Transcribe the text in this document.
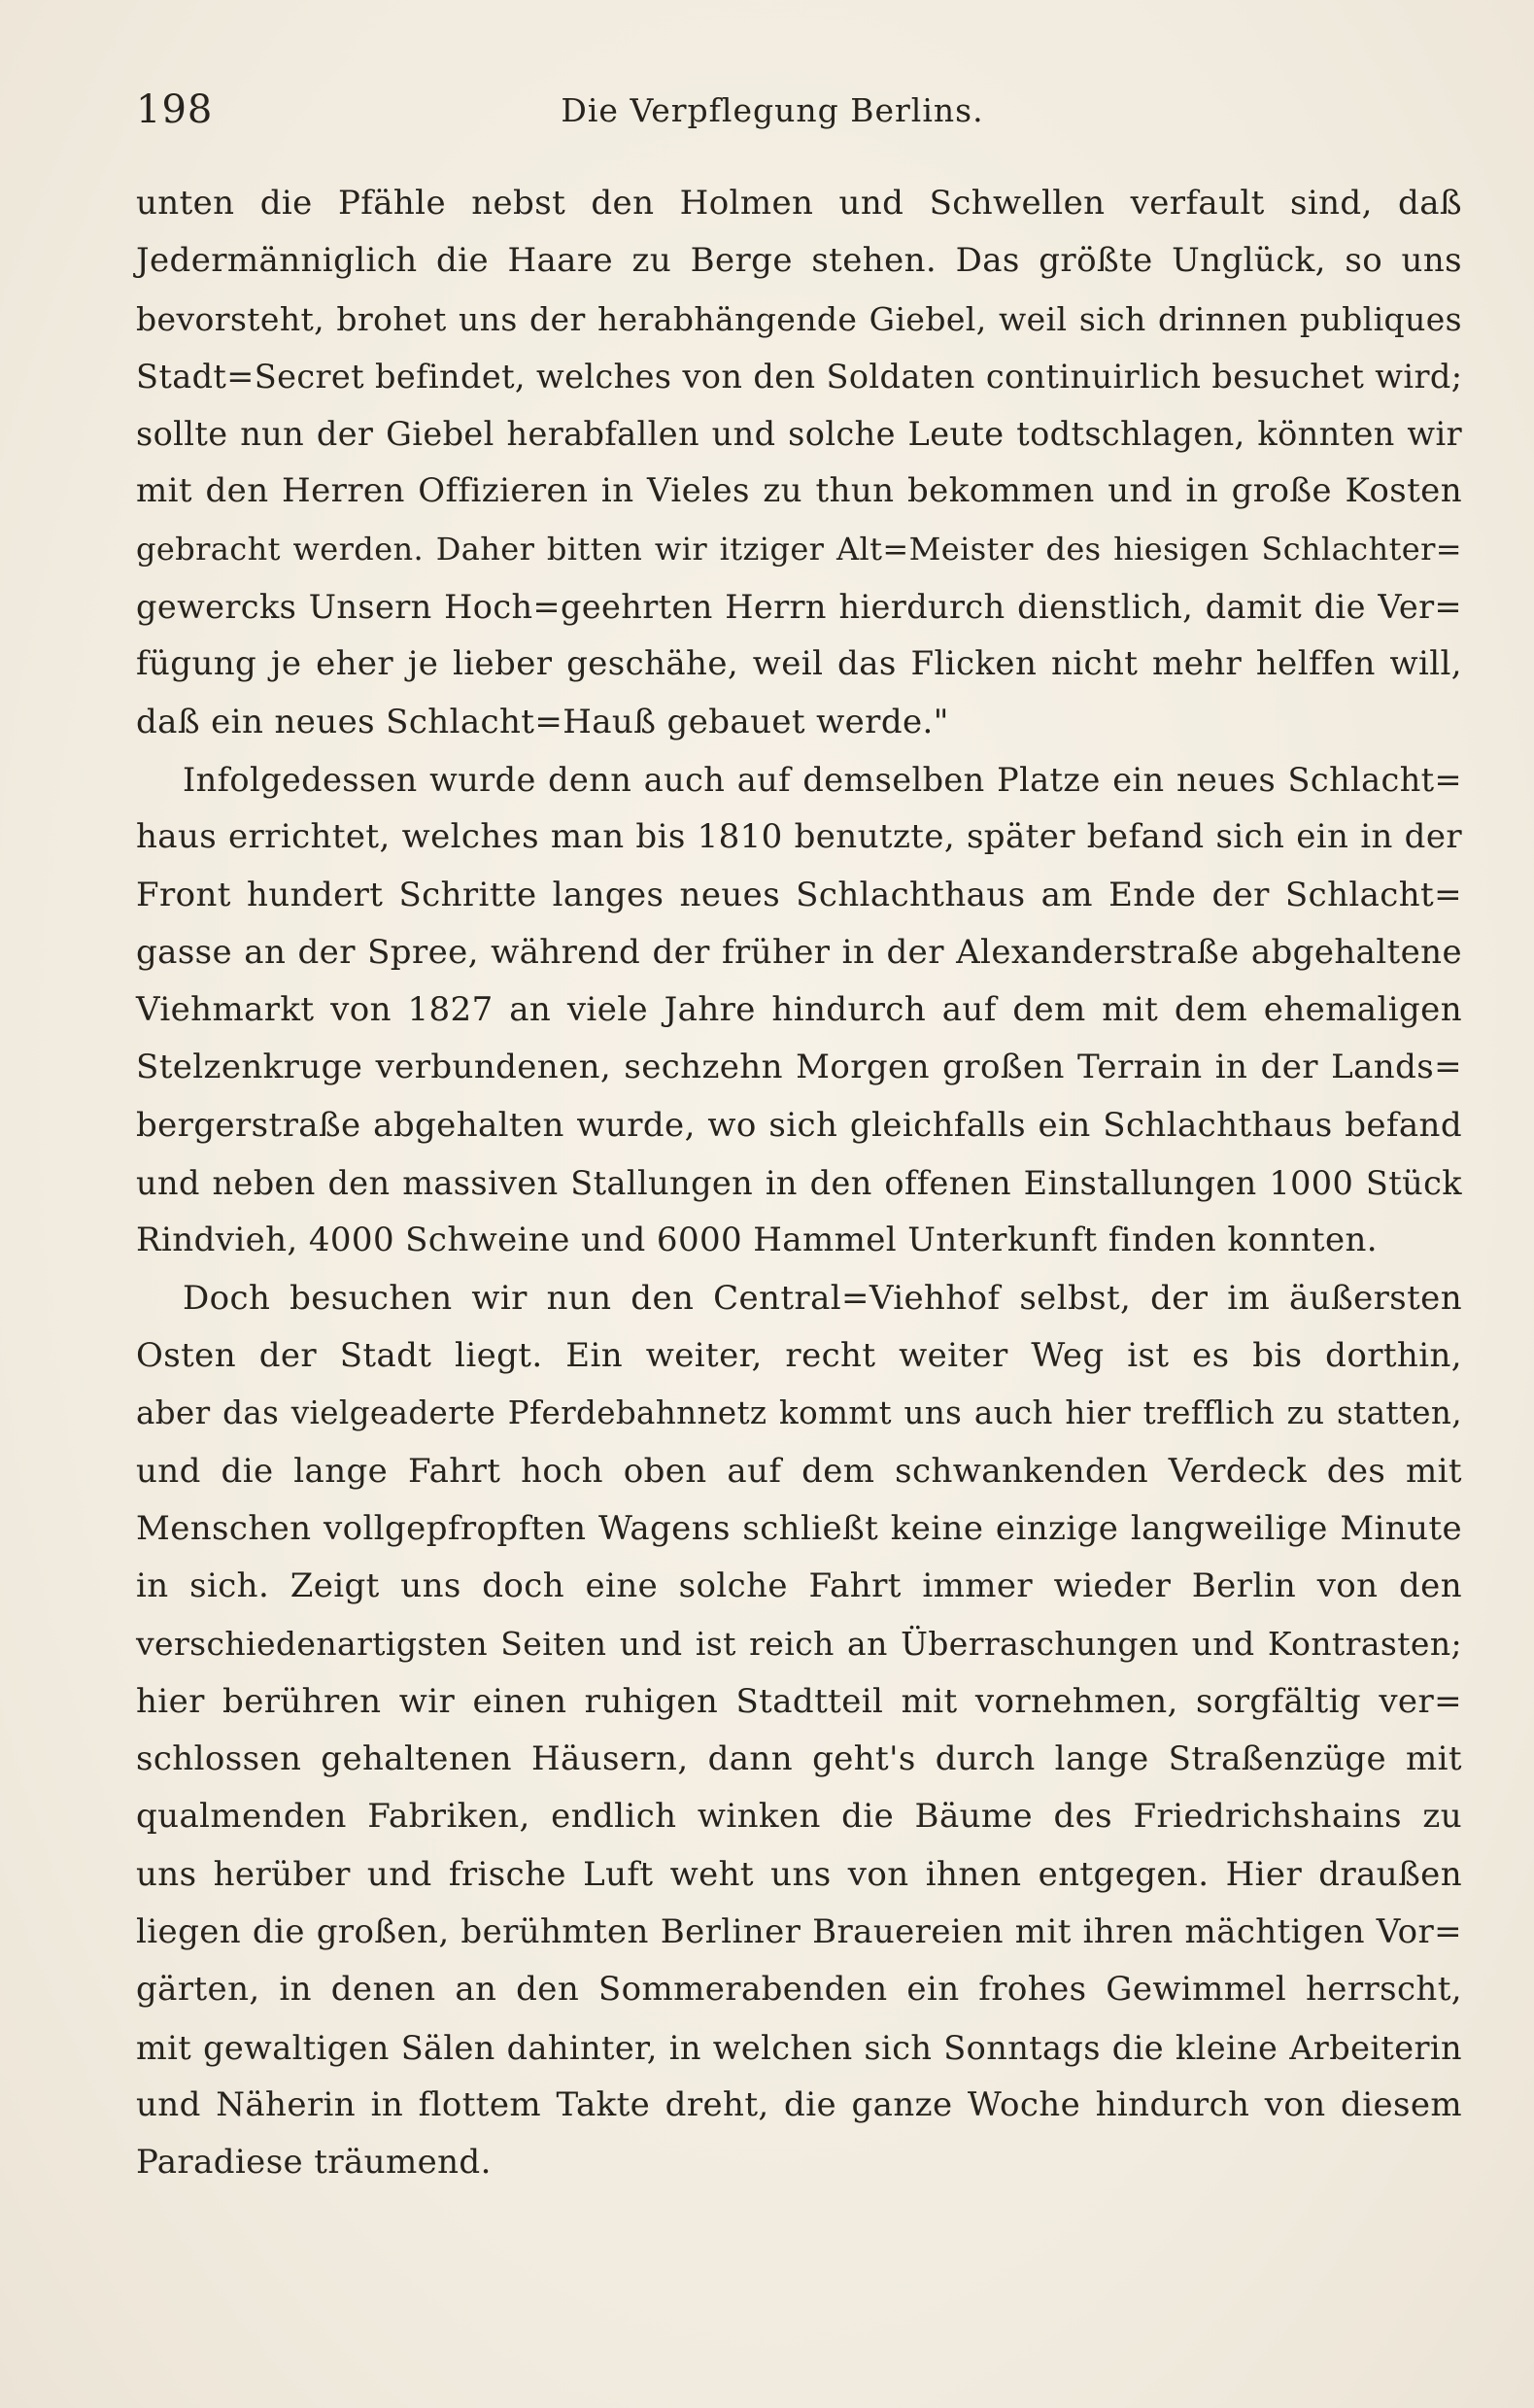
198	Die Verpflegung Berlins.
unten die Pfähle nebst den Holmen und Schwellen verfault sind, daß
Jedermänniglich die Haare zu Berge stehen. Das größte Unglück, so uns
bevorsteht, brohet uns der herabhängende Giebel, weil sich drinnen publiques
Stadt=Secret befindet, welches von den Soldaten continuirlich besuchet wird;
sollte nun der Giebel herabfallen und solche Leute todtschlagen, könnten wir
mit den Herren Offizieren in Vieles zu thun bekommen und in große Kosten
gebracht werden. Daher bitten wir itziger Alt=Meister des hiesigen Schlachter=
gewercks Unsern Hoch=geehrten Herrn hierdurch dienstlich, damit die Ver=
fügung je eher je lieber geschähe, weil das Flicken nicht mehr helffen will,
daß ein neues Schlacht=Hauß gebauet werde."
Infolgedessen wurde denn auch auf demselben Platze ein neues Schlacht=
haus errichtet, welches man bis 1810 benutzte, später befand sich ein in der
Front hundert Schritte langes neues Schlachthaus am Ende der Schlacht=
gasse an der Spree, während der früher in der Alexanderstraße abgehaltene
Viehmarkt von 1827 an viele Jahre hindurch auf dem mit dem ehemaligen
Stelzenkruge verbundenen, sechzehn Morgen großen Terrain in der Lands=
bergerstraße abgehalten wurde, wo sich gleichfalls ein Schlachthaus befand
und neben den massiven Stallungen in den offenen Einstallungen 1000 Stück
Rindvieh, 4000 Schweine und 6000 Hammel Unterkunft finden konnten.
Doch besuchen wir nun den Central=Viehhof selbst, der im äußersten
Osten der Stadt liegt. Ein weiter, recht weiter Weg ist es bis dorthin,
aber das vielgeaderte Pferdebahnnetz kommt uns auch hier trefflich zu statten,
und die lange Fahrt hoch oben auf dem schwankenden Verdeck des mit
Menschen vollgepfropften Wagens schließt keine einzige langweilige Minute
in sich. Zeigt uns doch eine solche Fahrt immer wieder Berlin von den
verschiedenartigsten Seiten und ist reich an Überraschungen und Kontrasten;
hier berühren wir einen ruhigen Stadtteil mit vornehmen, sorgfältig ver=
schlossen gehaltenen Häusern, dann geht's durch lange Straßenzüge mit
qualmenden Fabriken, endlich winken die Bäume des Friedrichshains zu
uns herüber und frische Luft weht uns von ihnen entgegen. Hier draußen
liegen die großen, berühmten Berliner Brauereien mit ihren mächtigen Vor=
gärten, in denen an den Sommerabenden ein frohes Gewimmel herrscht,
mit gewaltigen Sälen dahinter, in welchen sich Sonntags die kleine Arbeiterin
und Näherin in flottem Takte dreht, die ganze Woche hindurch von diesem
Paradiese träumend.
